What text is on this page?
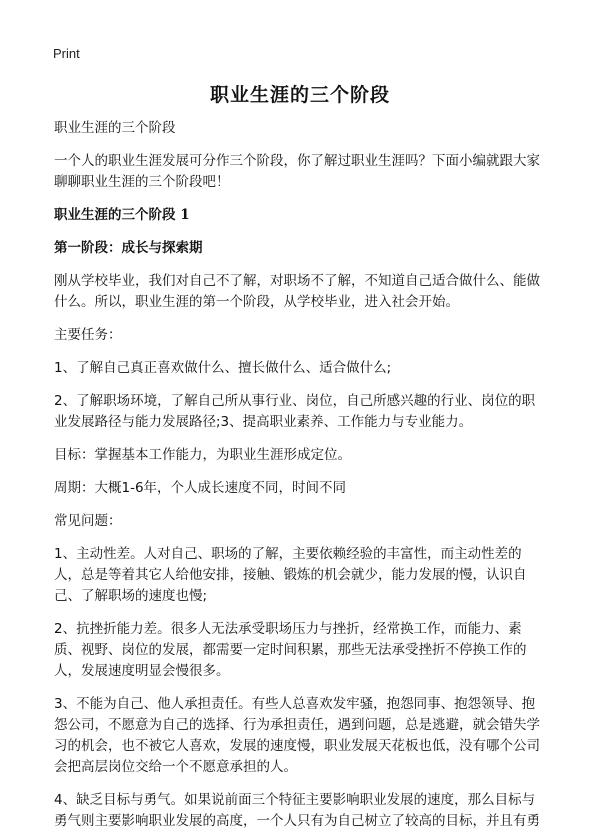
Print
职业生涯的三个阶段

职业生涯的三个阶段

一个人的职业生涯发展可分作三个阶段，你了解过职业生涯吗？下面小编就跟大家聊聊职业生涯的三个阶段吧！

职业生涯的三个阶段 1

第一阶段：成长与探索期

刚从学校毕业，我们对自己不了解，对职场不了解，不知道自己适合做什么、能做什么。所以，职业生涯的第一个阶段，从学校毕业，进入社会开始。

主要任务：

1、了解自己真正喜欢做什么、擅长做什么、适合做什么;

2、了解职场环境，了解自己所从事行业、岗位，自己所感兴趣的行业、岗位的职业发展路径与能力发展路径;3、提高职业素养、工作能力与专业能力。

目标：掌握基本工作能力，为职业生涯形成定位。

周期：大概1-6年，个人成长速度不同，时间不同

常见问题：

1、主动性差。人对自己、职场的了解，主要依赖经验的丰富性，而主动性差的人，总是等着其它人给他安排，接触、锻炼的机会就少，能力发展的慢，认识自己、了解职场的速度也慢;

2、抗挫折能力差。很多人无法承受职场压力与挫折，经常换工作，而能力、素质、视野、岗位的发展，都需要一定时间积累，那些无法承受挫折不停换工作的人，发展速度明显会慢很多。

3、不能为自己、他人承担责任。有些人总喜欢发牢骚，抱怨同事、抱怨领导、抱怨公司，不愿意为自己的选择、行为承担责任，遇到问题，总是逃避，就会错失学习的机会，也不被它人喜欢，发展的速度慢，职业发展天花板也低，没有哪个公司会把高层岗位交给一个不愿意承担的人。

4、缺乏目标与勇气。如果说前面三个特征主要影响职业发展的速度，那么目标与勇气则主要影响职业发展的高度，一个人只有为自己树立了较高的目标，并且有勇
